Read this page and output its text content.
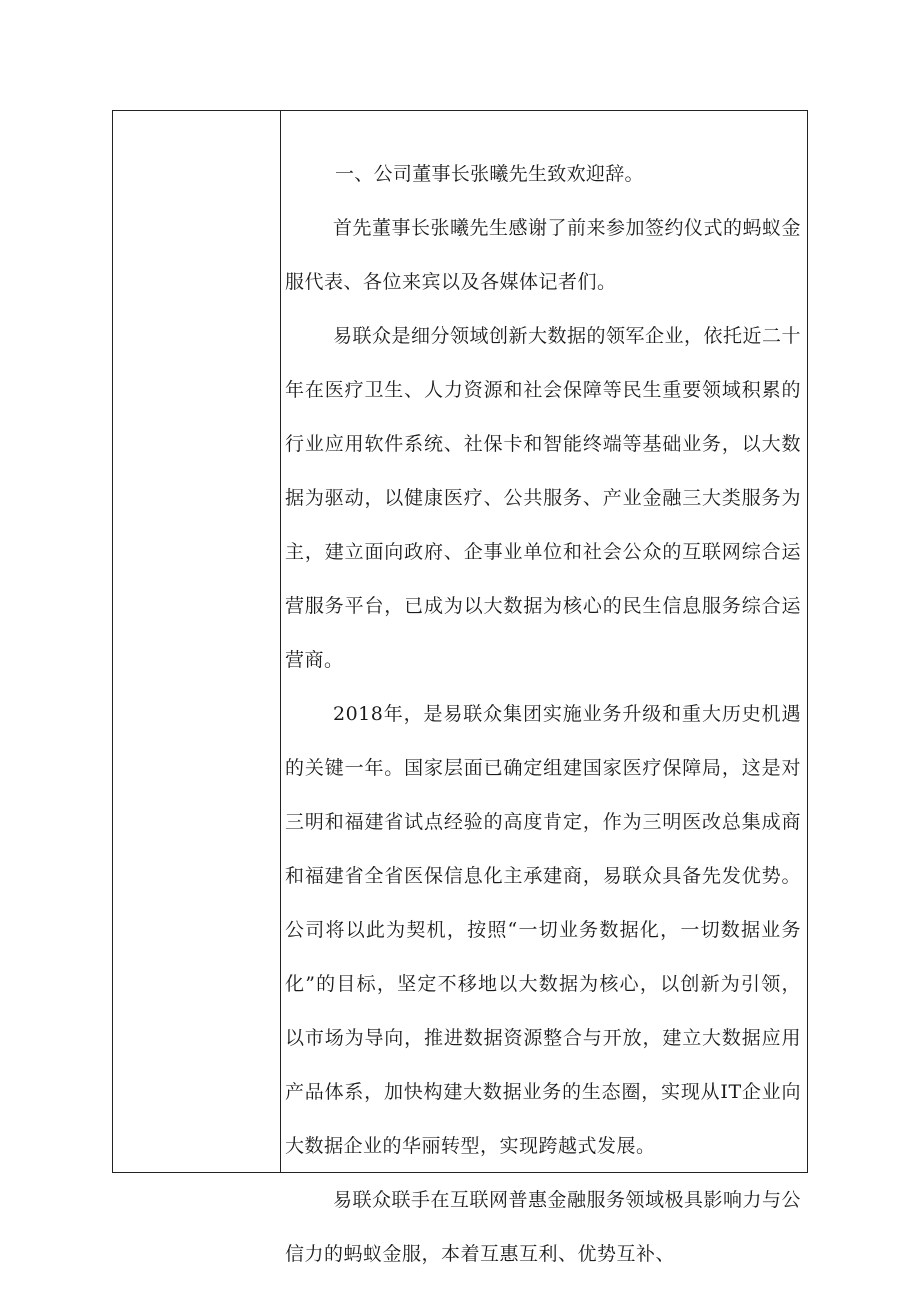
一、公司董事长张曦先生致欢迎辞。

首先董事长张曦先生感谢了前来参加签约仪式的蚂蚁金服代表、各位来宾以及各媒体记者们。

易联众是细分领域创新大数据的领军企业，依托近二十年在医疗卫生、人力资源和社会保障等民生重要领域积累的行业应用软件系统、社保卡和智能终端等基础业务，以大数据为驱动，以健康医疗、公共服务、产业金融三大类服务为主，建立面向政府、企事业单位和社会公众的互联网综合运营服务平台，已成为以大数据为核心的民生信息服务综合运营商。

2018年，是易联众集团实施业务升级和重大历史机遇的关键一年。国家层面已确定组建国家医疗保障局，这是对三明和福建省试点经验的高度肯定，作为三明医改总集成商和福建省全省医保信息化主承建商，易联众具备先发优势。公司将以此为契机，按照“一切业务数据化，一切数据业务化”的目标，坚定不移地以大数据为核心，以创新为引领，以市场为导向，推进数据资源整合与开放，建立大数据应用产品体系，加快构建大数据业务的生态圈，实现从IT企业向大数据企业的华丽转型，实现跨越式发展。

易联众联手在互联网普惠金融服务领域极具影响力与公信力的蚂蚁金服，本着互惠互利、优势互补、
